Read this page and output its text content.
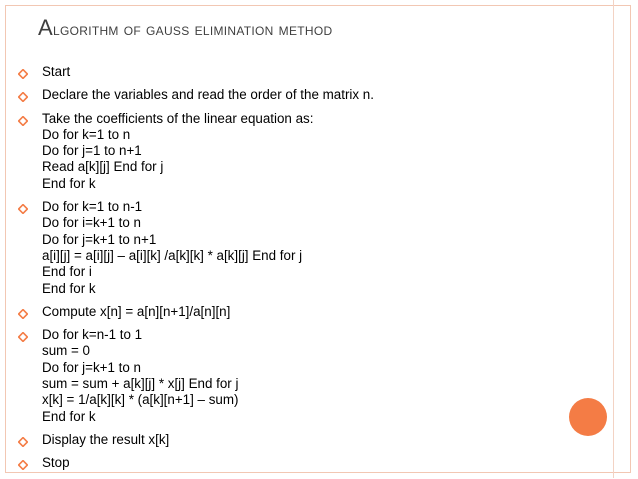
Algorithm of gauss elimination method
Start
Declare the variables and read the order of the matrix n.
Take the coefficients of the linear equation as:
Do for k=1 to n
Do for j=1 to n+1
Read a[k][j] End for j
End for k
Do for k=1 to n-1
Do for i=k+1 to n
Do for j=k+1 to n+1
a[i][j] = a[i][j] – a[i][k] /a[k][k] * a[k][j] End for j
End for i
End for k
Compute x[n] = a[n][n+1]/a[n][n]
Do for k=n-1 to 1
sum = 0
Do for j=k+1 to n
sum = sum + a[k][j] * x[j] End for j
x[k] = 1/a[k][k] * (a[k][n+1] – sum)
End for k
Display the result x[k]
Stop
